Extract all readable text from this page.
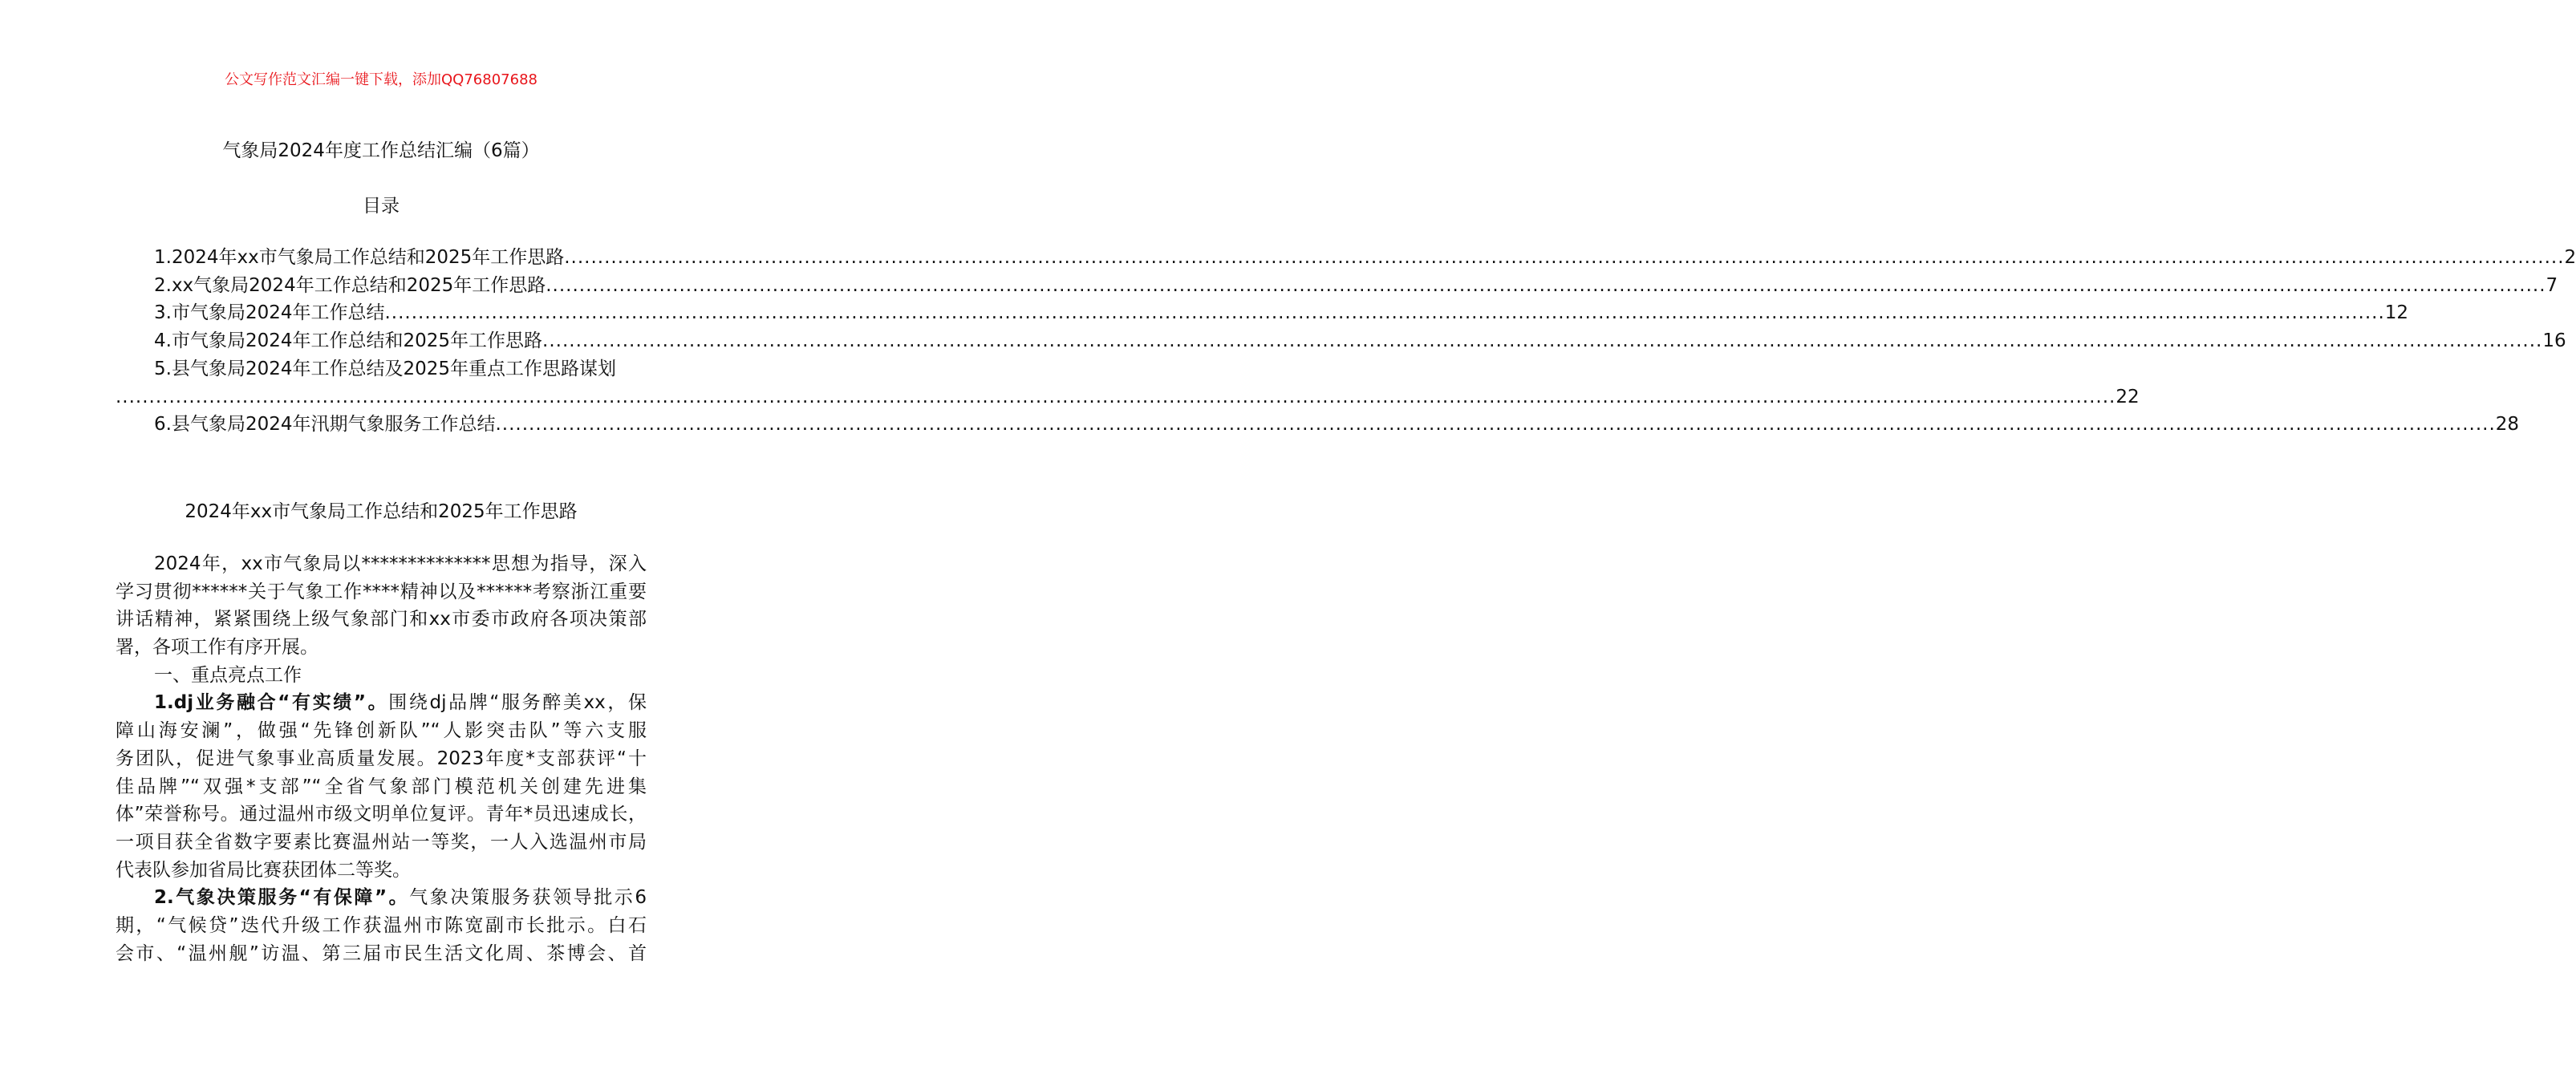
公文写作范文汇编一键下载，添加QQ76807688
气象局2024年度工作总结汇编（6篇）
目录
1.2024年xx市气象局工作总结和2025年工作思路 ............................................................................................................................................................................................................................................................................................................ 2
2.xx气象局2024年工作总结和2025年工作思路 ............................................................................................................................................................................................................................................................................................................ 7
3.市气象局2024年工作总结 ............................................................................................................................................................................................................................................................................................................ 12
4.市气象局2024年工作总结和2025年工作思路 ............................................................................................................................................................................................................................................................................................................ 16
5.县气象局2024年工作总结及2025年重点工作思路谋划
............................................................................................................................................................................................................................................................................................................ 22
6.县气象局2024年汛期气象服务工作总结 ............................................................................................................................................................................................................................................................................................................ 28
2024年xx市气象局工作总结和2025年工作思路
2024年，xx市气象局以**************思想为指导，深入
学习贯彻******关于气象工作****精神以及******考察浙江重要
讲话精神，紧紧围绕上级气象部门和xx市委市政府各项决策部
署，各项工作有序开展。
一、重点亮点工作
1.dj业务融合“有实绩”。围绕dj品牌“服务醉美xx，保
障山海安澜”，做强“先锋创新队”“人影突击队”等六支服
务团队，促进气象事业高质量发展。2023年度*支部获评“十
佳品牌”“双强*支部”“全省气象部门模范机关创建先进集
体”荣誉称号。通过温州市级文明单位复评。青年*员迅速成长，
一项目获全省数字要素比赛温州站一等奖，一人入选温州市局
代表队参加省局比赛获团体二等奖。
2.气象决策服务“有保障”。气象决策服务获领导批示6
期，“气候贷”迭代升级工作获温州市陈宽副市长批示。白石
会市、“温州舰”访温、第三届市民生活文化周、茶博会、首
